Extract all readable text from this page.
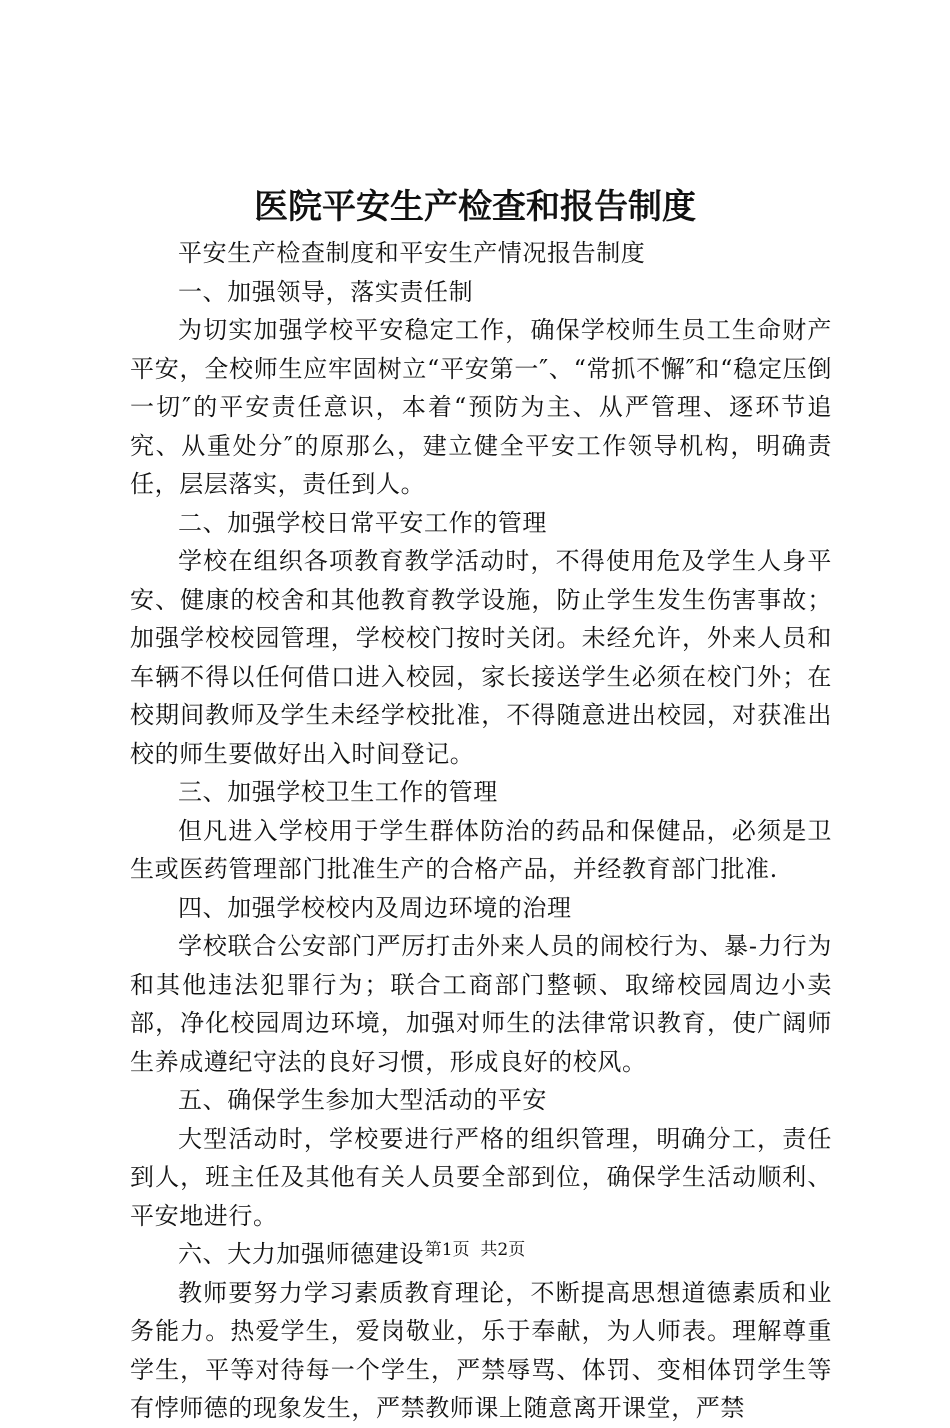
医院平安生产检查和报告制度

平安生产检查制度和平安生产情况报告制度

一、加强领导，落实责任制

为切实加强学校平安稳定工作，确保学校师生员工生命财产平安，全校师生应牢固树立“平安第一″、“常抓不懈″和“稳定压倒一切″的平安责任意识，本着“预防为主、从严管理、逐环节追究、从重处分″的原那么，建立健全平安工作领导机构，明确责任，层层落实，责任到人。

二、加强学校日常平安工作的管理

学校在组织各项教育教学活动时，不得使用危及学生人身平安、健康的校舍和其他教育教学设施，防止学生发生伤害事故；加强学校校园管理，学校校门按时关闭。未经允许，外来人员和车辆不得以任何借口进入校园，家长接送学生必须在校门外；在校期间教师及学生未经学校批准，不得随意进出校园，对获准出校的师生要做好出入时间登记。

三、加强学校卫生工作的管理

但凡进入学校用于学生群体防治的药品和保健品，必须是卫生或医药管理部门批准生产的合格产品，并经教育部门批准.

四、加强学校校内及周边环境的治理

学校联合公安部门严厉打击外来人员的闹校行为、暴-力行为和其他违法犯罪行为；联合工商部门整顿、取缔校园周边小卖部，净化校园周边环境，加强对师生的法律常识教育，使广阔师生养成遵纪守法的良好习惯，形成良好的校风。

五、确保学生参加大型活动的平安

大型活动时，学校要进行严格的组织管理，明确分工，责任到人，班主任及其他有关人员要全部到位，确保学生活动顺利、平安地进行。

六、大力加强师德建设

教师要努力学习素质教育理论，不断提高思想道德素质和业务能力。热爱学生，爱岗敬业，乐于奉献，为人师表。理解尊重学生，平等对待每一个学生，严禁辱骂、体罚、变相体罚学生等有悖师德的现象发生，严禁教师课上随意离开课堂，严禁

第1页  共2页
